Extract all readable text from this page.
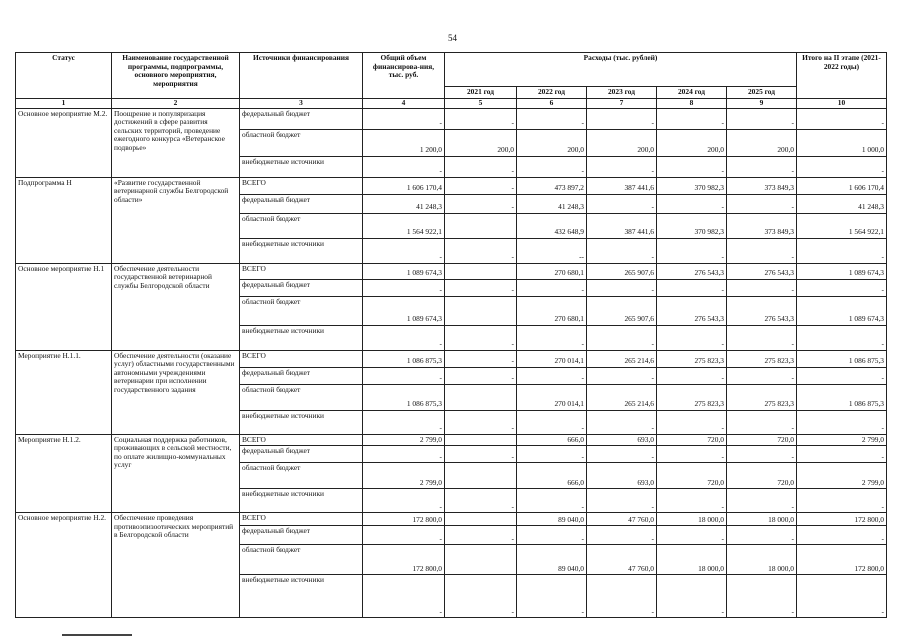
54
Статус	Наименование государственной программы, подпрограммы, основного мероприятия, мероприятия	Источники финансирования	Общий объем финансирова-ния, тыс. руб.	Расходы (тыс. рублей)					Итого на II этапе (2021-2022 годы)
				2021 год	2022 год	2023 год	2024 год	2025 год	
1	2	3	4	5	6	7	8	9	10
Основное мероприятие М.2.	Поощрение и популяризация достижений в сфере развития сельских территорий, проведение ежегодного конкурса «Ветеранское подворье»	федеральный бюджет	-	-	-	-	-	-	-
		областной бюджет	1 200,0	200,0	200,0	200,0	200,0	200,0	1 000,0
		внебюджетные источники	-	-	-	-	-	-	-
Подпрограмма Н	«Развитие государственной ветеринарной службы Белгородской области»	ВСЕГО	1 606 170,4	-	473 897,2	387 441,6	370 982,3	373 849,3	1 606 170,4
		федеральный бюджет	41 248,3	-	41 248,3	-	-	-	41 248,3
		областной бюджет	1 564 922,1		432 648,9	387 441,6	370 982,3	373 849,3	1 564 922,1
		внебюджетные источники	-	-	--	-	-	-	-
Основное мероприятие Н.1	Обеспечение деятельности государственной ветеринарной службы Белгородской области	ВСЕГО	1 089 674,3		270 680,1	265 907,6	276 543,3	276 543,3	1 089 674,3
		федеральный бюджет	-	-	-	-	-	-	-
		областной бюджет	1 089 674,3		270 680,1	265 907,6	276 543,3	276 543,3	1 089 674,3
		внебюджетные источники	-	-	-	-	-	-	-
Мероприятие Н.1.1.	Обеспечение деятельности (оказание услуг) областными государственными автономными учреждениями ветеринарии при исполнении государственного задания	ВСЕГО	1 086 875,3	-	270 014,1	265 214,6	275 823,3	275 823,3	1 086 875,3
		федеральный бюджет	-	-	-	-	-	-	-
		областной бюджет	1 086 875,3		270 014,1	265 214,6	275 823,3	275 823,3	1 086 875,3
		внебюджетные источники	-	-	-	-	-	-	-
Мероприятие Н.1.2.	Социальная поддержка работников, проживающих в сельской местности, по оплате жилищно-коммунальных услуг	ВСЕГО	2 799,0		666,0	693,0	720,0	720,0	2 799,0
		федеральный бюджет	-	-	-	-	-	-	-
		областной бюджет	2 799,0		666,0	693,0	720,0	720,0	2 799,0
		внебюджетные источники	-	-	-	-	-	-	-
Основное мероприятие Н.2.	Обеспечение проведения противоэпизоотических мероприятий в Белгородской области	ВСЕГО	172 800,0		89 040,0	47 760,0	18 000,0	18 000,0	172 800,0
		федеральный бюджет	-	-	-	-	-	-	-
		областной бюджет	172 800,0		89 040,0	47 760,0	18 000,0	18 000,0	172 800,0
		внебюджетные источники	-	-	-	-	-	-	-
